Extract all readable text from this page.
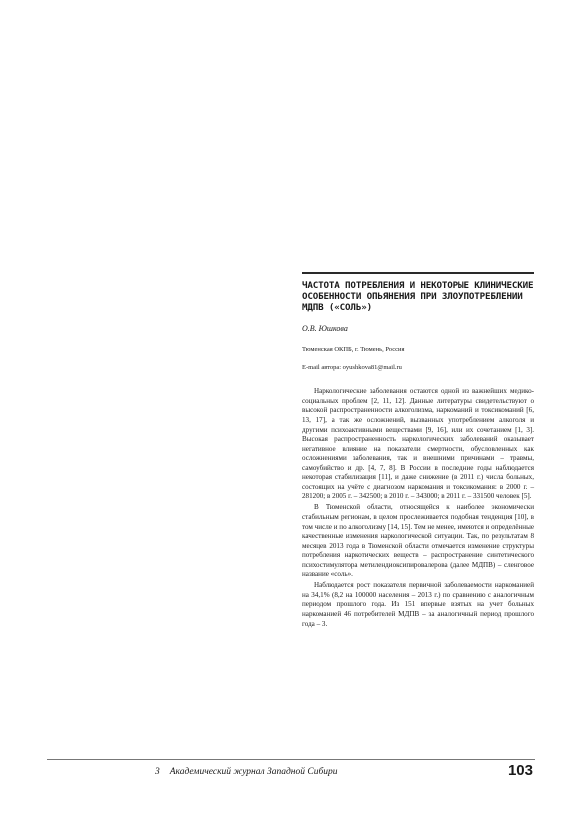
ЧАСТОТА ПОТРЕБЛЕНИЯ И НЕКОТОРЫЕ КЛИНИЧЕСКИЕ ОСОБЕННОСТИ ОПЬЯНЕНИЯ ПРИ ЗЛОУПОТРЕБЛЕНИИ МДПВ («СОЛЬ»)

О.В. Юшкова

Тюменская ОКПБ, г. Тюмень, Россия

E-mail автора: oyushkova81@mail.ru

Наркологические заболевания остаются одной из важнейших медико-социальных проблем [2, 11, 12]. Данные литературы свидетельствуют о высокой распространенности алкоголизма, наркоманий и токсикоманий [6, 13, 17], а так же осложнений, вызванных употреблением алкоголя и другими психоактивными веществами [9, 16], или их сочетанием [1, 3]. Высокая распространенность наркологических заболеваний оказывает негативное влияние на показатели смертности, обусловленных как осложнениями заболевания, так и внешними причинами – травмы, самоубийство и др. [4, 7, 8]. В России в последние годы наблюдается некоторая стабилизация [11], и даже снижение (в 2011 г.) числа больных, состоящих на учёте с диагнозом наркомания и токсикомания: в 2000 г. – 281200; в 2005 г. – 342500; в 2010 г. – 343000; в 2011 г. – 331500 человек [5].

В Тюменской области, относящейся к наиболее экономически стабильным регионам, в целом прослеживается подобная тенденция [10], в том числе и по алкоголизму [14, 15]. Тем не менее, имеются и определённые качественные изменения наркологической ситуации. Так, по результатам 8 месяцев 2013 года в Тюменской области отмечается изменение структуры потребления наркотических веществ – распространение синтетического психостимулятора метилендиоксипировалерова (далее МДПВ) – сленговое название «соль».

Наблюдается рост показателя первичной заболеваемости наркоманией на 34,1% (8,2 на 100000 населения – 2013 г.) по сравнению с аналогичным периодом прошлого года. Из 151 впервые взятых на учет больных наркоманией 46 потребителей МДПВ – за аналогичный период прошлого года – 3.

3 Академический журнал Западной Сибири	103
